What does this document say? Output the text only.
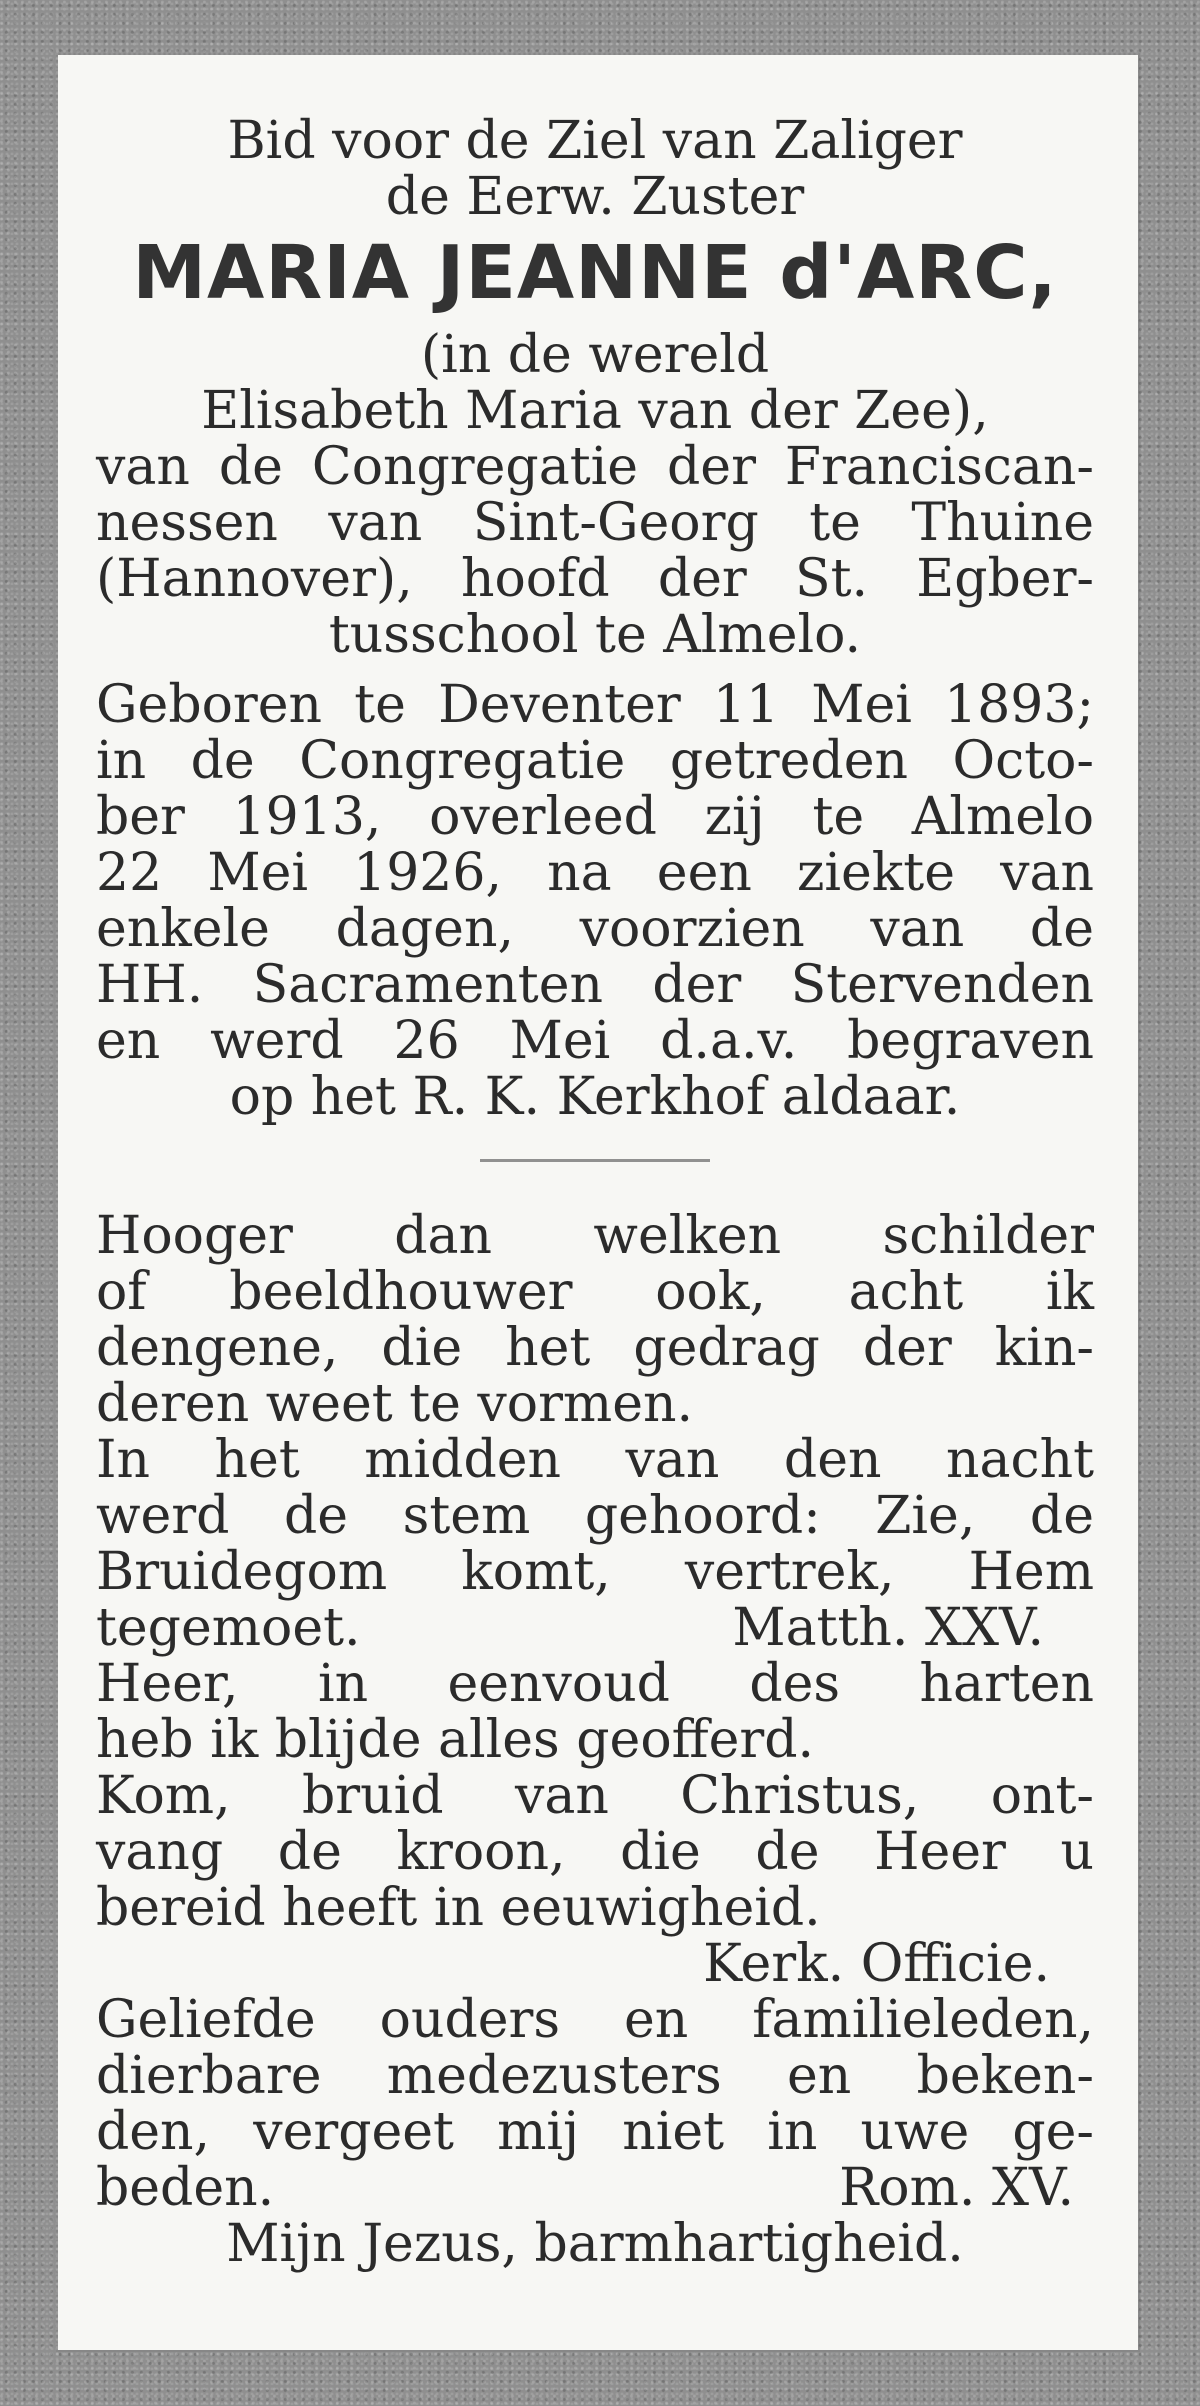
Bid voor de Ziel van Zaliger
de Eerw. Zuster
MARIA JEANNE d'ARC,
(in de wereld
Elisabeth Maria van der Zee),
van de Congregatie der Franciscan-
nessen van Sint-Georg te Thuine
(Hannover), hoofd der St. Egber-
tusschool te Almelo.
Geboren te Deventer 11 Mei 1893;
in de Congregatie getreden Octo-
ber 1913, overleed zij te Almelo
22 Mei 1926, na een ziekte van
enkele dagen, voorzien van de
HH. Sacramenten der Stervenden
en werd 26 Mei d.a.v. begraven
op het R. K. Kerkhof aldaar.
Hooger dan welken schilder
of beeldhouwer ook, acht ik
dengene, die het gedrag der kin-
deren weet te vormen.
In het midden van den nacht
werd de stem gehoord: Zie, de
Bruidegom komt, vertrek, Hem
tegemoet.	Matth. XXV.
Heer, in eenvoud des harten
heb ik blijde alles geofferd.
Kom, bruid van Christus, ont-
vang de kroon, die de Heer u
bereid heeft in eeuwigheid.
Kerk. Officie.
Geliefde ouders en familieleden,
dierbare medezusters en beken-
den, vergeet mij niet in uwe ge-
beden.	Rom. XV.
Mijn Jezus, barmhartigheid.
